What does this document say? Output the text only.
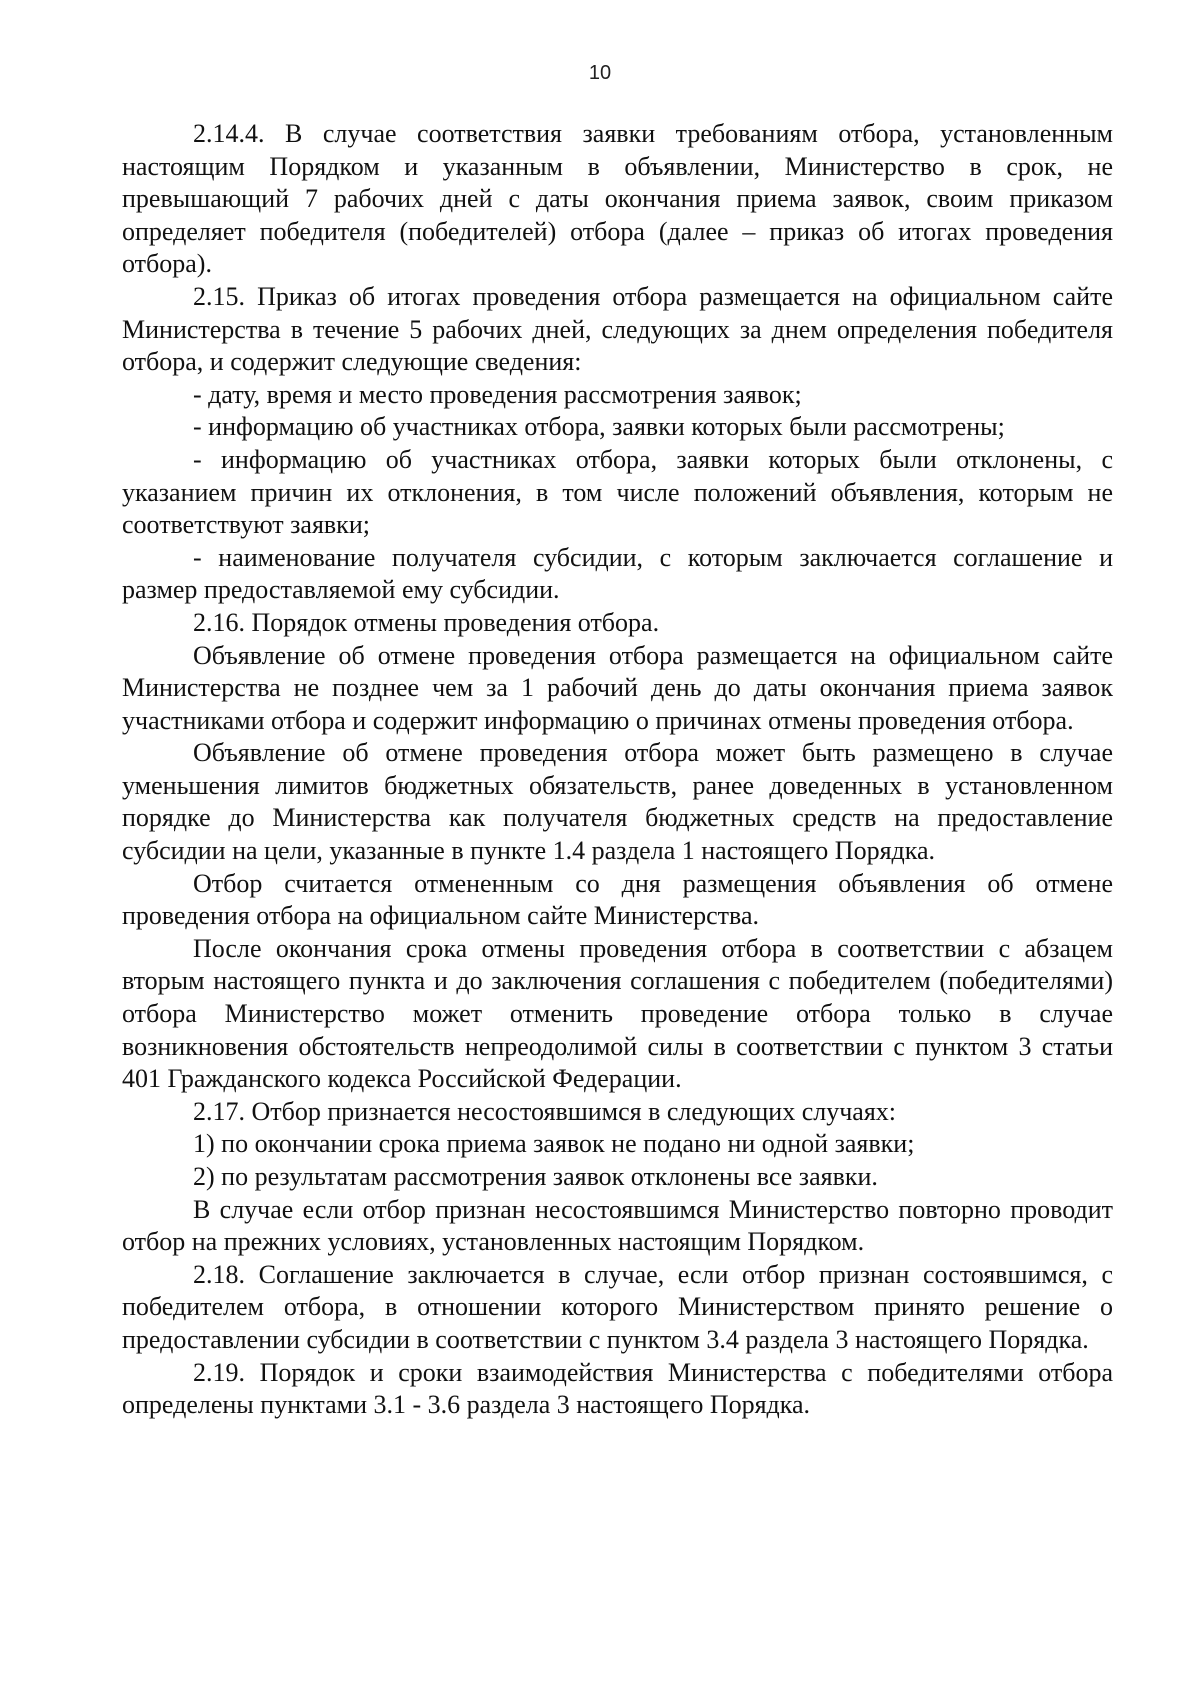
10

2.14.4. В случае соответствия заявки требованиям отбора, установленным настоящим Порядком и указанным в объявлении, Министерство в срок, не превышающий 7 рабочих дней с даты окончания приема заявок, своим приказом определяет победителя (победителей) отбора (далее – приказ об итогах проведения отбора).

2.15. Приказ об итогах проведения отбора размещается на официальном сайте Министерства в течение 5 рабочих дней, следующих за днем определения победителя отбора, и содержит следующие сведения:

- дату, время и место проведения рассмотрения заявок;

- информацию об участниках отбора, заявки которых были рассмотрены;

- информацию об участниках отбора, заявки которых были отклонены, с указанием причин их отклонения, в том числе положений объявления, которым не соответствуют заявки;

- наименование получателя субсидии, с которым заключается соглашение и размер предоставляемой ему субсидии.

2.16. Порядок отмены проведения отбора.

Объявление об отмене проведения отбора размещается на официальном сайте Министерства не позднее чем за 1 рабочий день до даты окончания приема заявок участниками отбора и содержит информацию о причинах отмены проведения отбора.

Объявление об отмене проведения отбора может быть размещено в случае уменьшения лимитов бюджетных обязательств, ранее доведенных в установленном порядке до Министерства как получателя бюджетных средств на предоставление субсидии на цели, указанные в пункте 1.4 раздела 1 настоящего Порядка.

Отбор считается отмененным со дня размещения объявления об отмене проведения отбора на официальном сайте Министерства.

После окончания срока отмены проведения отбора в соответствии с абзацем вторым настоящего пункта и до заключения соглашения с победителем (победителями) отбора Министерство может отменить проведение отбора только в случае возникновения обстоятельств непреодолимой силы в соответствии с пунктом 3 статьи 401 Гражданского кодекса Российской Федерации.

2.17. Отбор признается несостоявшимся в следующих случаях:

1) по окончании срока приема заявок не подано ни одной заявки;

2) по результатам рассмотрения заявок отклонены все заявки.

В случае если отбор признан несостоявшимся Министерство повторно проводит отбор на прежних условиях, установленных настоящим Порядком.

2.18. Соглашение заключается в случае, если отбор признан состоявшимся, с победителем отбора, в отношении которого Министерством принято решение о предоставлении субсидии в соответствии с пунктом 3.4 раздела 3 настоящего Порядка.

2.19. Порядок и сроки взаимодействия Министерства с победителями отбора определены пунктами 3.1 - 3.6 раздела 3 настоящего Порядка.
